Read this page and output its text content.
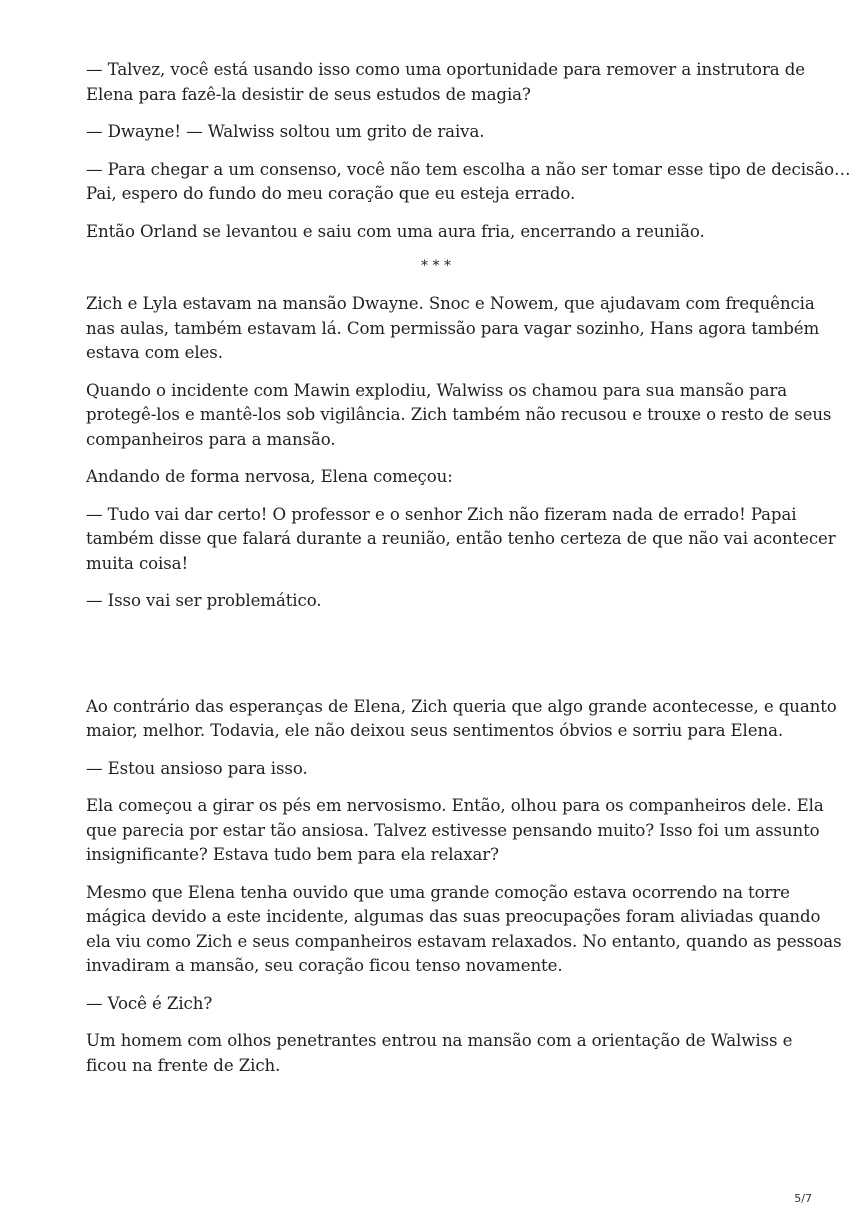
— Talvez, você está usando isso como uma oportunidade para remover a instrutora de
Elena para fazê-la desistir de seus estudos de magia?

— Dwayne! — Walwiss soltou um grito de raiva.

— Para chegar a um consenso, você não tem escolha a não ser tomar esse tipo de decisão…
Pai, espero do fundo do meu coração que eu esteja errado.

Então Orland se levantou e saiu com uma aura fria, encerrando a reunião.

* * *

Zich e Lyla estavam na mansão Dwayne. Snoc e Nowem, que ajudavam com frequência
nas aulas, também estavam lá. Com permissão para vagar sozinho, Hans agora também
estava com eles.

Quando o incidente com Mawin explodiu, Walwiss os chamou para sua mansão para
protegê-los e mantê-los sob vigilância. Zich também não recusou e trouxe o resto de seus
companheiros para a mansão.

Andando de forma nervosa, Elena começou:

— Tudo vai dar certo! O professor e o senhor Zich não fizeram nada de errado! Papai
também disse que falará durante a reunião, então tenho certeza de que não vai acontecer
muita coisa!

— Isso vai ser problemático.

Ao contrário das esperanças de Elena, Zich queria que algo grande acontecesse, e quanto
maior, melhor. Todavia, ele não deixou seus sentimentos óbvios e sorriu para Elena.

— Estou ansioso para isso.

Ela começou a girar os pés em nervosismo. Então, olhou para os companheiros dele. Ela
que parecia por estar tão ansiosa. Talvez estivesse pensando muito? Isso foi um assunto
insignificante? Estava tudo bem para ela relaxar?

Mesmo que Elena tenha ouvido que uma grande comoção estava ocorrendo na torre
mágica devido a este incidente, algumas das suas preocupações foram aliviadas quando
ela viu como Zich e seus companheiros estavam relaxados. No entanto, quando as pessoas
invadiram a mansão, seu coração ficou tenso novamente.

— Você é Zich?

Um homem com olhos penetrantes entrou na mansão com a orientação de Walwiss e
ficou na frente de Zich.

5/7
